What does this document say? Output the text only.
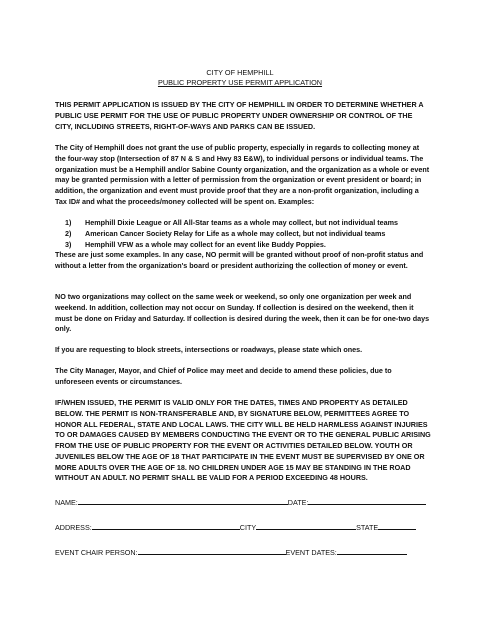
CITY OF HEMPHILL
PUBLIC PROPERTY USE PERMIT APPLICATION

THIS PERMIT APPLICATION IS ISSUED BY THE CITY OF HEMPHILL IN ORDER TO DETERMINE WHETHER A PUBLIC USE PERMIT FOR THE USE OF PUBLIC PROPERTY UNDER OWNERSHIP OR CONTROL OF THE CITY, INCLUDING STREETS, RIGHT-OF-WAYS AND PARKS CAN BE ISSUED.

The City of Hemphill does not grant the use of public property, especially in regards to collecting money at the four-way stop (Intersection of 87 N & S and Hwy 83 E&W), to individual persons or individual teams. The organization must be a Hemphill and/or Sabine County organization, and the organization as a whole or event may be granted permission with a letter of permission from the organization or event president or board; in addition, the organization and event must provide proof that they are a non-profit organization, including a Tax ID# and what the proceeds/money collected will be spent on. Examples:

1) Hemphill Dixie League or All All-Star teams as a whole may collect, but not individual teams
2) American Cancer Society Relay for Life as a whole may collect, but not individual teams
3) Hemphill VFW as a whole may collect for an event like Buddy Poppies.

These are just some examples. In any case, NO permit will be granted without proof of non-profit status and without a letter from the organization's board or president authorizing the collection of money or event.

NO two organizations may collect on the same week or weekend, so only one organization per week and weekend. In addition, collection may not occur on Sunday. If collection is desired on the weekend, then it must be done on Friday and Saturday. If collection is desired during the week, then it can be for one-two days only.

If you are requesting to block streets, intersections or roadways, please state which ones.

The City Manager, Mayor, and Chief of Police may meet and decide to amend these policies, due to unforeseen events or circumstances.

IF/WHEN ISSUED, THE PERMIT IS VALID ONLY FOR THE DATES, TIMES AND PROPERTY AS DETAILED BELOW. THE PERMIT IS NON-TRANSFERABLE AND, BY SIGNATURE BELOW, PERMITTEES AGREE TO HONOR ALL FEDERAL, STATE AND LOCAL LAWS. THE CITY WILL BE HELD HARMLESS AGAINST INJURIES TO OR DAMAGES CAUSED BY MEMBERS CONDUCTING THE EVENT OR TO THE GENERAL PUBLIC ARISING FROM THE USE OF PUBLIC PROPERTY FOR THE EVENT OR ACTIVITIES DETAILED BELOW. YOUTH OR JUVENILES BELOW THE AGE OF 18 THAT PARTICIPATE IN THE EVENT MUST BE SUPERVISED BY ONE OR MORE ADULTS OVER THE AGE OF 18. NO CHILDREN UNDER AGE 15 MAY BE STANDING IN THE ROAD WITHOUT AN ADULT. NO PERMIT SHALL BE VALID FOR A PERIOD EXCEEDING 48 HOURS.

NAME:	DATE:
ADDRESS:	CITY	STATE
EVENT CHAIR PERSON:	EVENT DATES:
